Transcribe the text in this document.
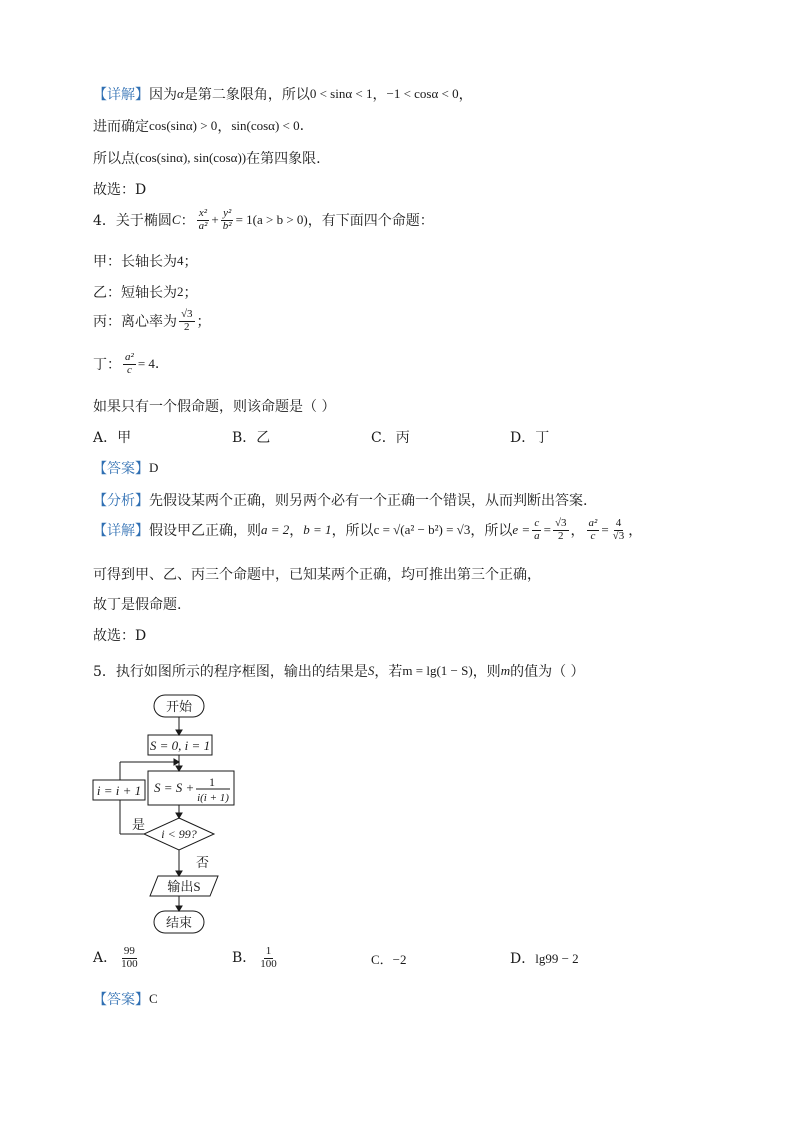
【详解】 因为 α 是第二象限角，所以 0 < sinα < 1 ， −1 < cosα < 0 ，
进而确定 cos(sinα) > 0 ， sin(cosα) < 0 .
所以点 (cos(sinα), sin(cosα)) 在第四象限.
故选：D
4．关于椭圆 C ： $\frac{\text{x²}}{\text{a²}} + \frac{\text{y²}}{\text{b²}} = 1(a > b > 0)$ ，有下面四个命题：
甲：长轴长为 4 ；
乙：短轴长为 2 ；
丙：离心率为 $\frac{√3}{2}$ ；
丁： $\frac{\text{a²}}{c} = 4$ .
如果只有一个假命题，则该命题是（ ）
A．甲	B．乙	C．丙	D．丁
【答案】 D
【分析】 先假设某两个正确，则另两个必有一个正确一个错误，从而判断出答案.
【详解】 假设甲乙正确，则 a = 2 ， b = 1 ，所以 c = √(a² − b²) = √3 ，所以 $e = \frac{c}{a} = \frac{√3}{2}$ ， $\frac{\text{a²}}{c} = \frac{4}{√3}$ ，
可得到甲、乙、丙三个命题中，已知某两个正确，均可推出第三个正确，
故丁是假命题.
故选：D
5．执行如图所示的程序框图，输出的结果是 S ，若 m = lg(1 − S) ，则 m 的值为（ ）
开始
S = 0, i = 1
S = S + 1
i(i + 1)
i < 99?
是
i = i + 1
否
输出S
结束
A． $\frac{99}{100}$	B． $\frac{1}{100}$	C．−2	D．lg99 − 2
【答案】 C
